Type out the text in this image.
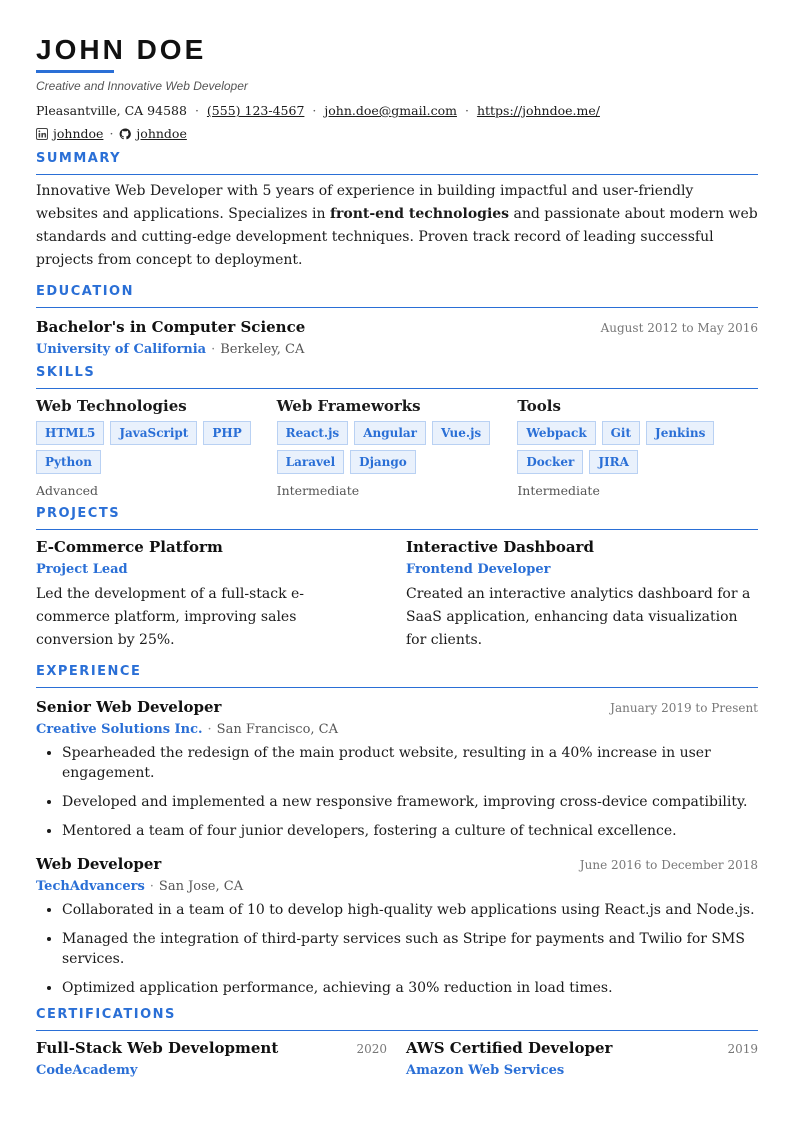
JOHN DOE
Creative and Innovative Web Developer
Pleasantville, CA 94588 · (555) 123-4567 · john.doe@gmail.com · https://johndoe.me/
johndoe · johndoe
SUMMARY

Innovative Web Developer with 5 years of experience in building impactful and user-friendly websites and applications. Specializes in front-end technologies and passionate about modern web standards and cutting-edge development techniques. Proven track record of leading successful projects from concept to deployment.

EDUCATION
Bachelor's in Computer Science	August 2012 to May 2016
University of California · Berkeley, CA
SKILLS
Web Technologies
HTML5	JavaScript	PHP
Python
Advanced
Web Frameworks
React.js	Angular	Vue.js
Laravel	Django
Intermediate
Tools
Webpack	Git	Jenkins
Docker	JIRA
Intermediate
PROJECTS
E-Commerce Platform
Project Lead

Led the development of a full-stack e-commerce platform, improving sales conversion by 25%.

Interactive Dashboard
Frontend Developer

Created an interactive analytics dashboard for a SaaS application, enhancing data visualization for clients.

EXPERIENCE
Senior Web Developer	January 2019 to Present
Creative Solutions Inc. · San Francisco, CA
• Spearheaded the redesign of the main product website, resulting in a 40% increase in user engagement.
• Developed and implemented a new responsive framework, improving cross-device compatibility.
• Mentored a team of four junior developers, fostering a culture of technical excellence.
Web Developer	June 2016 to December 2018
TechAdvancers · San Jose, CA
• Collaborated in a team of 10 to develop high-quality web applications using React.js and Node.js.
• Managed the integration of third-party services such as Stripe for payments and Twilio for SMS services.
• Optimized application performance, achieving a 30% reduction in load times.
CERTIFICATIONS
Full-Stack Web Development	2020
CodeAcademy
AWS Certified Developer	2019
Amazon Web Services
